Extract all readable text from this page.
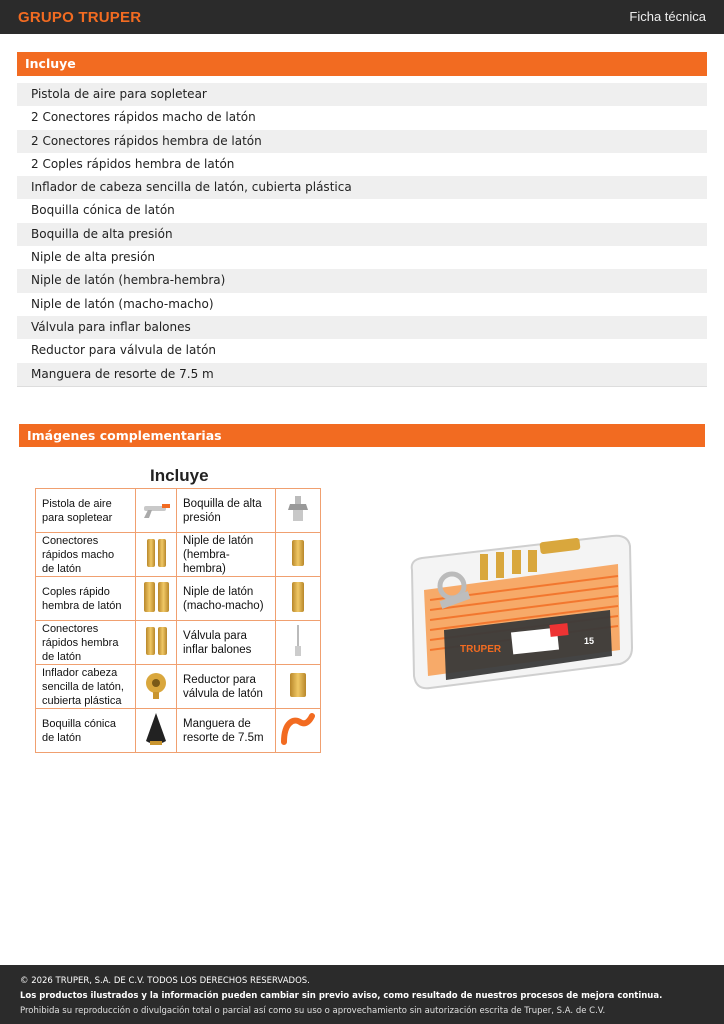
GRUPO TRUPER	Ficha técnica
Incluye
Pistola de aire para sopletear
2 Conectores rápidos macho de latón
2 Conectores rápidos hembra de latón
2 Coples rápidos hembra de latón
Inflador de cabeza sencilla de latón, cubierta plástica
Boquilla cónica de latón
Boquilla de alta presión
Niple de alta presión
Niple de latón (hembra-hembra)
Niple de latón (macho-macho)
Válvula para inflar balones
Reductor para válvula de latón
Manguera de resorte de 7.5 m
Imágenes complementarias
Incluye
Pistola de aire para sopletear		Boquilla de alta presión	
Conectores rápidos macho de latón		Niple de latón (hembra-hembra)	
Coples rápido hembra de latón		Niple de latón (macho-macho)	
Conectores rápidos hembra de latón		Válvula para inflar balones	
Inflador cabeza sencilla de latón, cubierta plástica		Reductor para válvula de latón	
Boquilla cónica de latón		Manguera de resorte de 7.5m	
TRUPER
15
© 2026 TRUPER, S.A. DE C.V. TODOS LOS DERECHOS RESERVADOS.
Los productos ilustrados y la información pueden cambiar sin previo aviso, como resultado de nuestros procesos de mejora continua.
Prohibida su reproducción o divulgación total o parcial así como su uso o aprovechamiento sin autorización escrita de Truper, S.A. de C.V.
